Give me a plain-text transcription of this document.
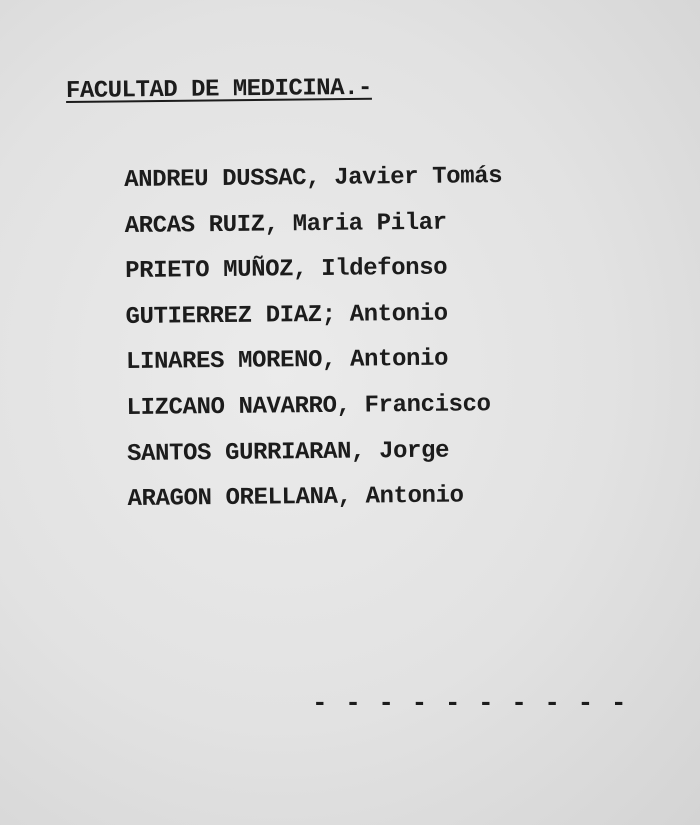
FACULTAD DE MEDICINA.-
ANDREU DUSSAC, Javier Tomás
ARCAS RUIZ, Maria Pilar
PRIETO MUÑOZ, Ildefonso
GUTIERREZ DIAZ; Antonio
LINARES MORENO, Antonio
LIZCANO NAVARRO, Francisco
SANTOS GURRIARAN, Jorge
ARAGON ORELLANA, Antonio
- - - - - - - - - -
